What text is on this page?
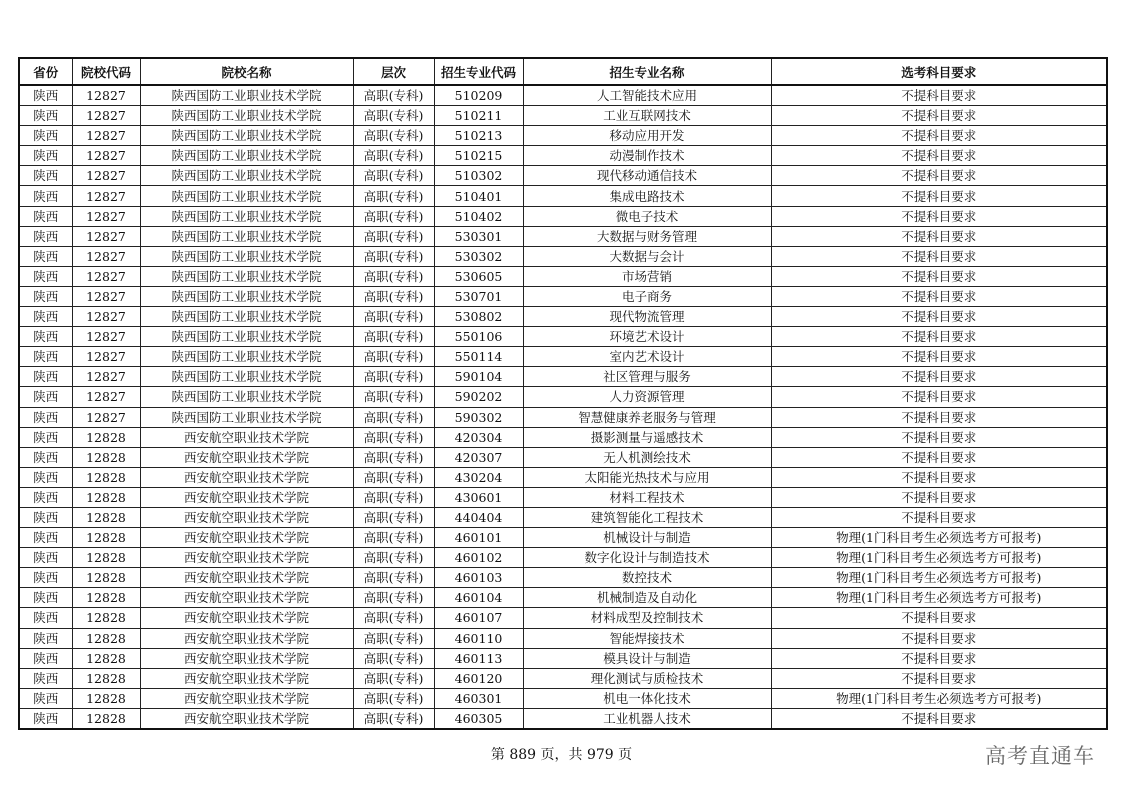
省份	院校代码	院校名称	层次	招生专业代码	招生专业名称	选考科目要求
陕西	12827	陕西国防工业职业技术学院	高职(专科)	510209	人工智能技术应用	不提科目要求
陕西	12827	陕西国防工业职业技术学院	高职(专科)	510211	工业互联网技术	不提科目要求
陕西	12827	陕西国防工业职业技术学院	高职(专科)	510213	移动应用开发	不提科目要求
陕西	12827	陕西国防工业职业技术学院	高职(专科)	510215	动漫制作技术	不提科目要求
陕西	12827	陕西国防工业职业技术学院	高职(专科)	510302	现代移动通信技术	不提科目要求
陕西	12827	陕西国防工业职业技术学院	高职(专科)	510401	集成电路技术	不提科目要求
陕西	12827	陕西国防工业职业技术学院	高职(专科)	510402	微电子技术	不提科目要求
陕西	12827	陕西国防工业职业技术学院	高职(专科)	530301	大数据与财务管理	不提科目要求
陕西	12827	陕西国防工业职业技术学院	高职(专科)	530302	大数据与会计	不提科目要求
陕西	12827	陕西国防工业职业技术学院	高职(专科)	530605	市场营销	不提科目要求
陕西	12827	陕西国防工业职业技术学院	高职(专科)	530701	电子商务	不提科目要求
陕西	12827	陕西国防工业职业技术学院	高职(专科)	530802	现代物流管理	不提科目要求
陕西	12827	陕西国防工业职业技术学院	高职(专科)	550106	环境艺术设计	不提科目要求
陕西	12827	陕西国防工业职业技术学院	高职(专科)	550114	室内艺术设计	不提科目要求
陕西	12827	陕西国防工业职业技术学院	高职(专科)	590104	社区管理与服务	不提科目要求
陕西	12827	陕西国防工业职业技术学院	高职(专科)	590202	人力资源管理	不提科目要求
陕西	12827	陕西国防工业职业技术学院	高职(专科)	590302	智慧健康养老服务与管理	不提科目要求
陕西	12828	西安航空职业技术学院	高职(专科)	420304	摄影测量与遥感技术	不提科目要求
陕西	12828	西安航空职业技术学院	高职(专科)	420307	无人机测绘技术	不提科目要求
陕西	12828	西安航空职业技术学院	高职(专科)	430204	太阳能光热技术与应用	不提科目要求
陕西	12828	西安航空职业技术学院	高职(专科)	430601	材料工程技术	不提科目要求
陕西	12828	西安航空职业技术学院	高职(专科)	440404	建筑智能化工程技术	不提科目要求
陕西	12828	西安航空职业技术学院	高职(专科)	460101	机械设计与制造	物理(1门科目考生必须选考方可报考)
陕西	12828	西安航空职业技术学院	高职(专科)	460102	数字化设计与制造技术	物理(1门科目考生必须选考方可报考)
陕西	12828	西安航空职业技术学院	高职(专科)	460103	数控技术	物理(1门科目考生必须选考方可报考)
陕西	12828	西安航空职业技术学院	高职(专科)	460104	机械制造及自动化	物理(1门科目考生必须选考方可报考)
陕西	12828	西安航空职业技术学院	高职(专科)	460107	材料成型及控制技术	不提科目要求
陕西	12828	西安航空职业技术学院	高职(专科)	460110	智能焊接技术	不提科目要求
陕西	12828	西安航空职业技术学院	高职(专科)	460113	模具设计与制造	不提科目要求
陕西	12828	西安航空职业技术学院	高职(专科)	460120	理化测试与质检技术	不提科目要求
陕西	12828	西安航空职业技术学院	高职(专科)	460301	机电一体化技术	物理(1门科目考生必须选考方可报考)
陕西	12828	西安航空职业技术学院	高职(专科)	460305	工业机器人技术	不提科目要求
第 889 页，共 979 页	高考直通车
